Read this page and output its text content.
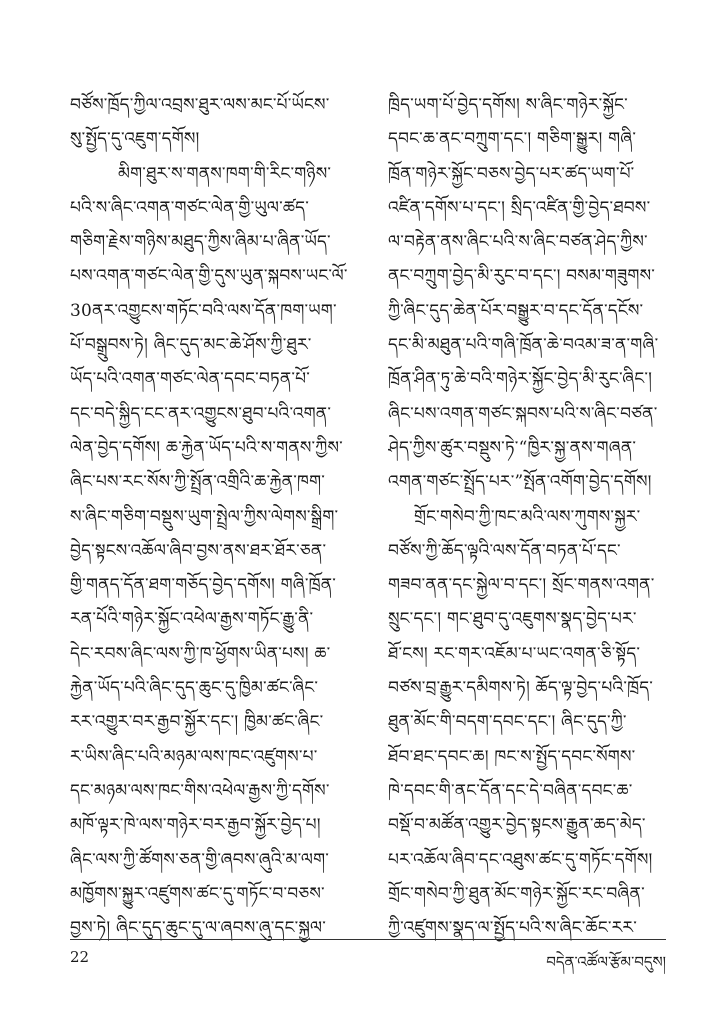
བཙོས་ཁྲོད་ཀྱིལ་འབྲས་ཐུར་ལས་མང་པོ་ཡོངས་
སུ་སྤྱོད་དུ་འཇུག་དགོས།
མིག་ཐུར་ས་གནས་ཁག་གི་རིང་གཉིས་
པའི་ས་ཞིང་འགན་གཙང་ལེན་གྱི་ཡུལ་ཚད་
གཅིག་རྗེས་གཉིས་མཐུད་ཀྱིས་ཞིམ་པ་ཞིན་ཡོད་
པས་འགན་གཙང་ལེན་གྱི་དུས་ཡུན་སྐབས་ཡང་ལོ་
30ནར་འགྱུངས་གཏོང་བའི་ལས་དོན་ཁག་ཡག་
པོ་བསྒྲུབས་ཏེ། ཞིང་དུད་མང་ཆེ་ཤོས་ཀྱི་ཐུར་
ཡོད་པའི་འགན་གཙང་ལེན་དབང་བཏན་པོ་
དང་བདེ་སྐྱིད་ངང་ནར་འགྱུངས་ཐུབ་པའི་འགན་
ལེན་བྱེད་དགོས། ཆ་རྐྱེན་ཡོད་པའི་ས་གནས་ཀྱིས་
ཞིང་པས་རང་སོས་ཀྱི་སྤྲོན་འགྲིའི་ཆ་རྐྱེན་ཁག་
ས་ཞིང་གཅིག་བསྡུས་ཡུག་སྤྲེལ་ཀྱིས་ལེགས་སྒྲིག་
བྱེད་སྟངས་འཆོལ་ཞིབ་བྱས་ནས་ཐར་ཐོར་ཅན་
གྱི་གནད་དོན་ཐག་གཅོད་བྱེད་དགོས། གཞི་ཁྲོན་
རན་པོའི་གཉེར་སྐྱོང་འཕེལ་རྒྱས་གཏོང་རྒྱུ་ནི་
དེང་རབས་ཞིང་ལས་ཀྱི་ཁ་ཕྱོགས་ཡིན་པས། ཆ་
རྐྱེན་ཡོད་པའི་ཞིང་དུད་ཆུང་དུ་ཁྱིམ་ཚང་ཞིང་
རར་འགྱུར་བར་རྒྱབ་སྐྱོར་དང་། ཁྱིམ་ཚང་ཞིང་
ར་ཡིས་ཞིང་པའི་མཉམ་ལས་ཁང་འཛུགས་པ་
དང་མཉམ་ལས་ཁང་གིས་འཕེལ་རྒྱས་ཀྱི་དགོས་
མཁོ་ལྟར་ཁེ་ལས་གཉེར་བར་རྒྱབ་སྐྱོར་བྱེད་པ།
ཞིང་ལས་ཀྱི་ཚོགས་ཅན་གྱི་ཞབས་ཞུའི་མ་ལག་
མཁྱོགས་སྐྱུར་འཛུགས་ཚང་དུ་གཏོང་བ་བཅས་
བྱས་ཏེ། ཞིང་དུད་ཆུང་དུ་ལ་ཞབས་ཞུ་དང་སྐྱལ་
ཁྲིད་ཡག་པོ་བྱེད་དགོས། ས་ཞིང་གཉེར་སྐྱོང་
དབང་ཆ་ནང་བཀྲུག་དང་། གཅིག་སྒྱུར། གཞི་
ཁྲོན་གཉེར་སྐྱོང་བཅས་བྱེད་པར་ཚད་ཡག་པོ་
འཛིན་དགོས་པ་དང་། སྲིད་འཛིན་གྱི་བྱེད་ཐབས་
ལ་བརྟེན་ནས་ཞིང་པའི་ས་ཞིང་བཙན་ཤེད་ཀྱིས་
ནང་བཀྲུག་བྱེད་མི་རུང་བ་དང་། བསམ་གཟུགས་
ཀྱི་ཞིང་དུད་ཆེན་པོར་བསྒྱུར་བ་དང་དོན་དངོས་
དང་མི་མཐུན་པའི་གཞི་ཁྲོན་ཆེ་བའམ་ཟ་ན་གཞི་
ཁྲོན་ཤིན་ཏུ་ཆེ་བའི་གཉེར་སྐྱོང་བྱེད་མི་རུང་ཞིང་།
ཞིང་པས་འགན་གཙང་སྐབས་པའི་ས་ཞིང་བཙན་
ཤེད་ཀྱིས་ཚུར་བསྡུས་ཏེ་“ཁྱིར་སྐྱ་ནས་གཞན་
འགན་གཙང་སྤྲོད་པར་”སྤོན་འགོག་བྱེད་དགོས།
གྲོང་གསེབ་ཀྱི་ཁང་མའི་ལས་ཀུགས་སྐྱར་
བཙོས་ཀྱི་ཆོད་ལྟའི་ལས་དོན་བཏན་པོ་དང་
གཟབ་ནན་དང་སྐྱེལ་བ་དང་། སྲོང་གནས་འགན་
སྲུང་དང་། གང་ཐུབ་དུ་འཇུགས་སྣད་བྱེད་པར་
ཐོ་ངས། རང་གར་འཇོམ་པ་ཡང་འགན་ཅི་སྟོད་
བཙས་བྲ་རྒྱུར་དམིགས་ཏེ། ཆོད་ལྟ་བྱེད་པའི་ཁྲོད་
ཐུན་མོང་གི་བདག་དབང་དང་། ཞིང་དུད་ཀྱི་
ཐོབ་ཐང་དབང་ཆ། ཁང་ས་སྤྱོད་དབང་སོགས་
ཁེ་དབང་གི་ནང་དོན་དང་དེ་བཞིན་དབང་ཆ་
བསྡོ་བ་མཚོན་འགྱུར་བྱེད་སྟངས་རྒྱུན་ཆད་མེད་
པར་འཆོལ་ཞིབ་དང་འཐུས་ཚང་དུ་གཏོང་དགོས།
གྲོང་གསེབ་ཀྱི་ཐུན་མོང་གཉེར་སྐྱོང་རང་བཞིན་
ཀྱི་འཛུགས་སྣད་ལ་སྤྱོད་པའི་ས་ཞིང་ཆོང་རར་
22	བདེན་འཚོལ་རྩོམ་བདུས།
